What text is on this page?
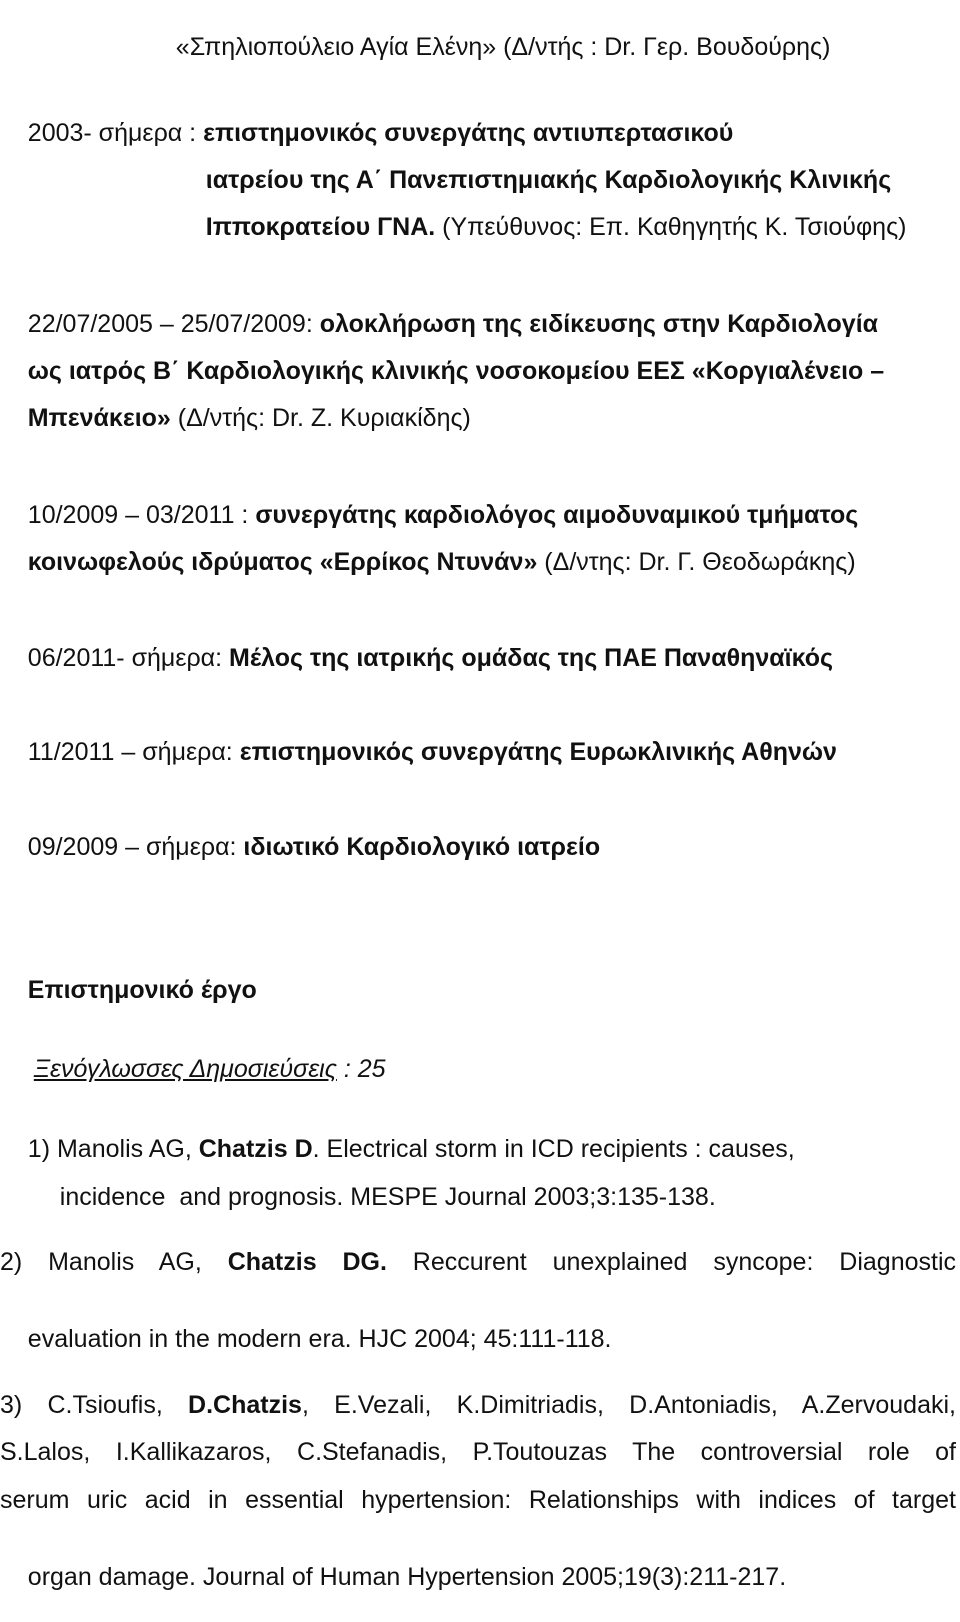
«Σπηλιοπούλειο Αγία Ελένη» (Δ/ντής : Dr. Γερ. Βουδούρης)

2003- σήμερα : επιστημονικός συνεργάτης αντιυπερτασικού

ιατρείου της Α΄ Πανεπιστημιακής Καρδιολογικής Κλινικής

Ιπποκρατείου ΓΝΑ. (Υπεύθυνος: Επ. Καθηγητής Κ. Τσιούφης)

22/07/2005 – 25/07/2009: ολοκλήρωση της ειδίκευσης στην Καρδιολογία

ως ιατρός Β΄ Καρδιολογικής κλινικής νοσοκομείου ΕΕΣ «Κοργιαλένειο –

Μπενάκειο» (Δ/ντής: Dr. Ζ. Κυριακίδης)

10/2009 – 03/2011 : συνεργάτης καρδιολόγος αιμοδυναμικού τμήματος

κοινωφελούς ιδρύματος «Ερρίκος Ντυνάν» (Δ/ντης: Dr. Γ. Θεοδωράκης)

06/2011- σήμερα: Μέλος της ιατρικής ομάδας της ΠΑΕ Παναθηναϊκός

11/2011 – σήμερα: επιστημονικός συνεργάτης Ευρωκλινικής Αθηνών

09/2009 – σήμερα: ιδιωτικό Καρδιολογικό ιατρείο

Επιστημονικό έργο

Ξενόγλωσσες Δημοσιεύσεις : 25

1) Manolis AG, Chatzis D. Electrical storm in ICD recipients : causes,

incidence  and prognosis. MESPE Journal 2003;3:135-138.

2) Manolis AG, Chatzis DG. Reccurent unexplained syncope: Diagnostic

evaluation in the modern era. HJC 2004; 45:111-118.

3) C.Tsioufis, D.Chatzis, E.Vezali, K.Dimitriadis, D.Antoniadis, A.Zervoudaki,
S.Lalos, I.Kallikazaros, C.Stefanadis, P.Toutouzas The controversial role of
serum uric acid in essential hypertension: Relationships with indices of target

organ damage. Journal of Human Hypertension 2005;19(3):211-217.
